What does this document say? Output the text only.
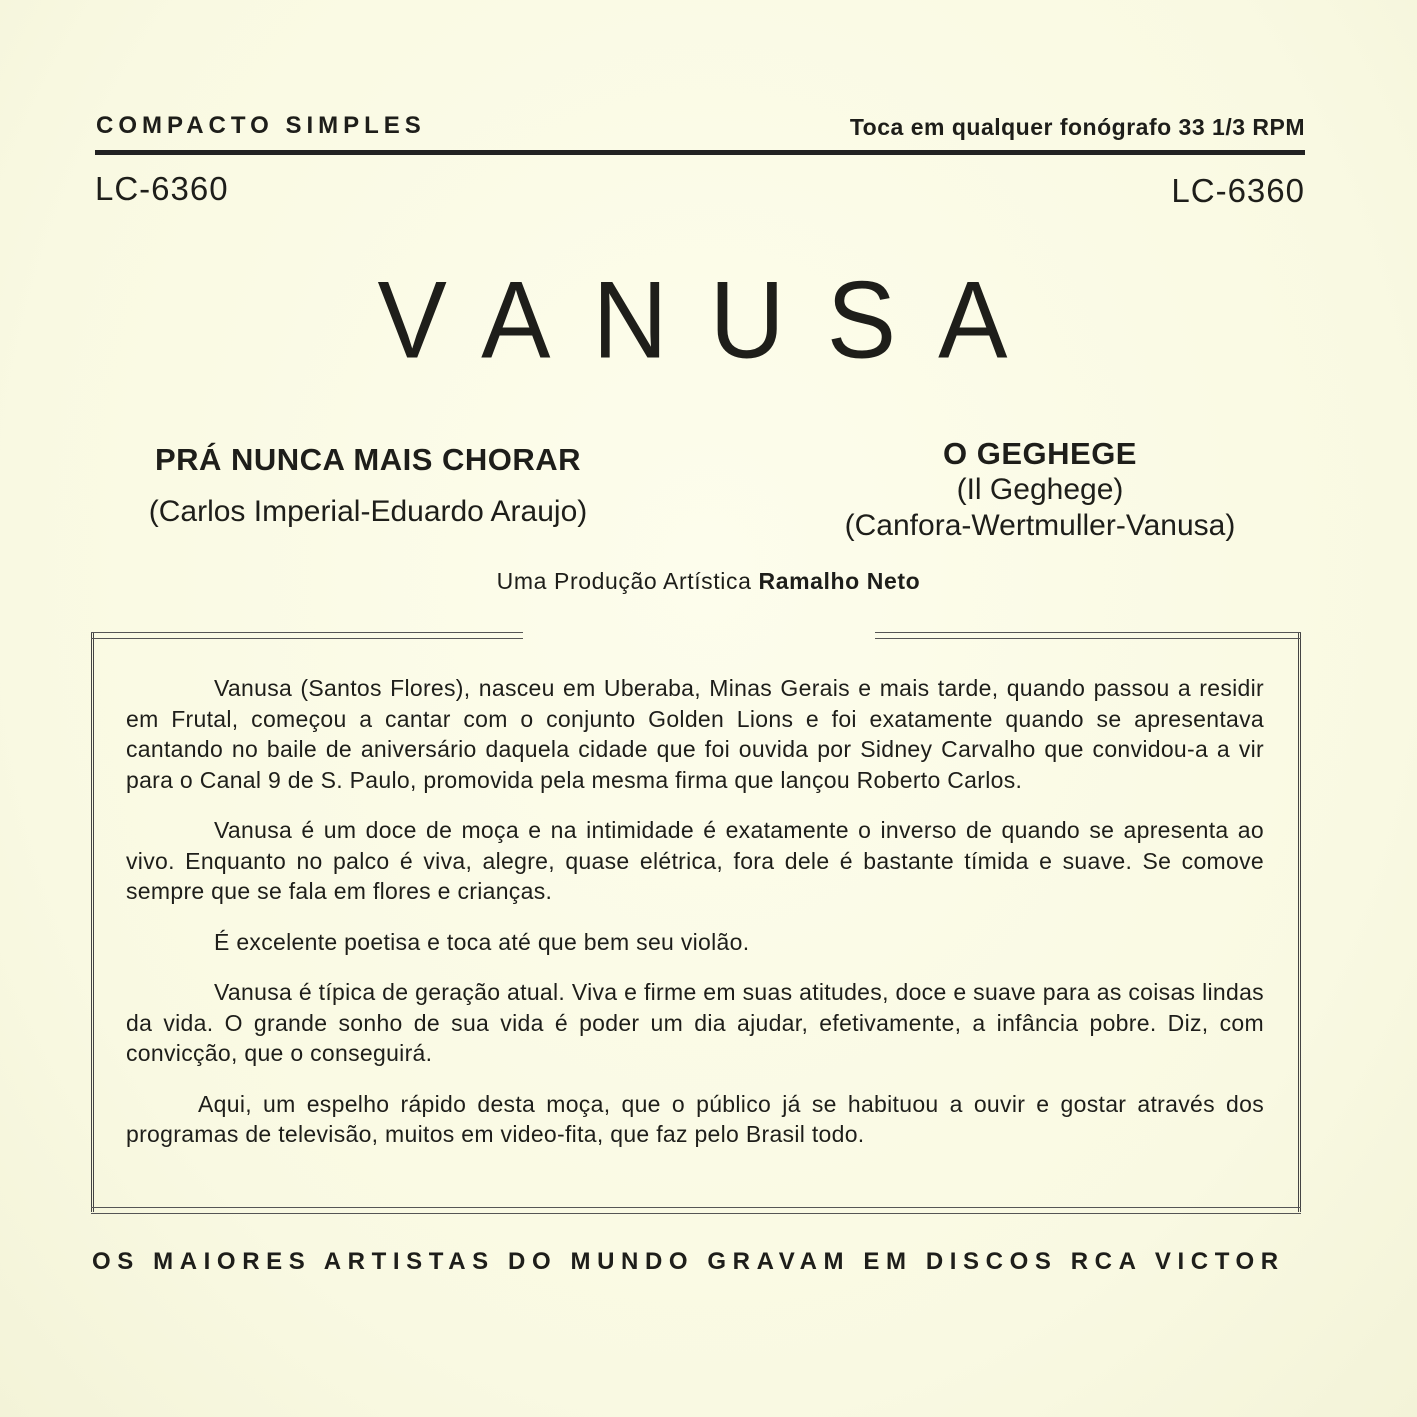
COMPACTO SIMPLES	Toca em qualquer fonógrafo 33 1/3 RPM
LC-6360	LC-6360
VANUSA
PRÁ NUNCA MAIS CHORAR
(Carlos Imperial-Eduardo Araujo)
O GEGHEGE
(Il Geghege)
(Canfora-Wertmuller-Vanusa)
Uma Produção Artística Ramalho Neto

Vanusa (Santos Flores), nasceu em Uberaba, Minas Gerais e mais tarde, quando passou a residir em Frutal, começou a cantar com o conjunto Golden Lions e foi exatamente quando se apresentava cantando no baile de aniversário daquela cidade que foi ouvida por Sidney Carvalho que convidou-a a vir para o Canal 9 de S. Paulo, promovida pela mesma firma que lançou Roberto Carlos.

Vanusa é um doce de moça e na intimidade é exatamente o inverso de quando se apresenta ao vivo. Enquanto no palco é viva, alegre, quase elétrica, fora dele é bastante tímida e suave. Se comove sempre que se fala em flores e crianças.

É excelente poetisa e toca até que bem seu violão.

Vanusa é típica de geração atual. Viva e firme em suas atitudes, doce e suave para as coisas lindas da vida. O grande sonho de sua vida é poder um dia ajudar, efetivamente, a infância pobre. Diz, com convicção, que o conseguirá.

Aqui, um espelho rápido desta moça, que o público já se habituou a ouvir e gostar através dos programas de televisão, muitos em video-fita, que faz pelo Brasil todo.

OS MAIORES ARTISTAS DO MUNDO GRAVAM EM DISCOS RCA VICTOR
